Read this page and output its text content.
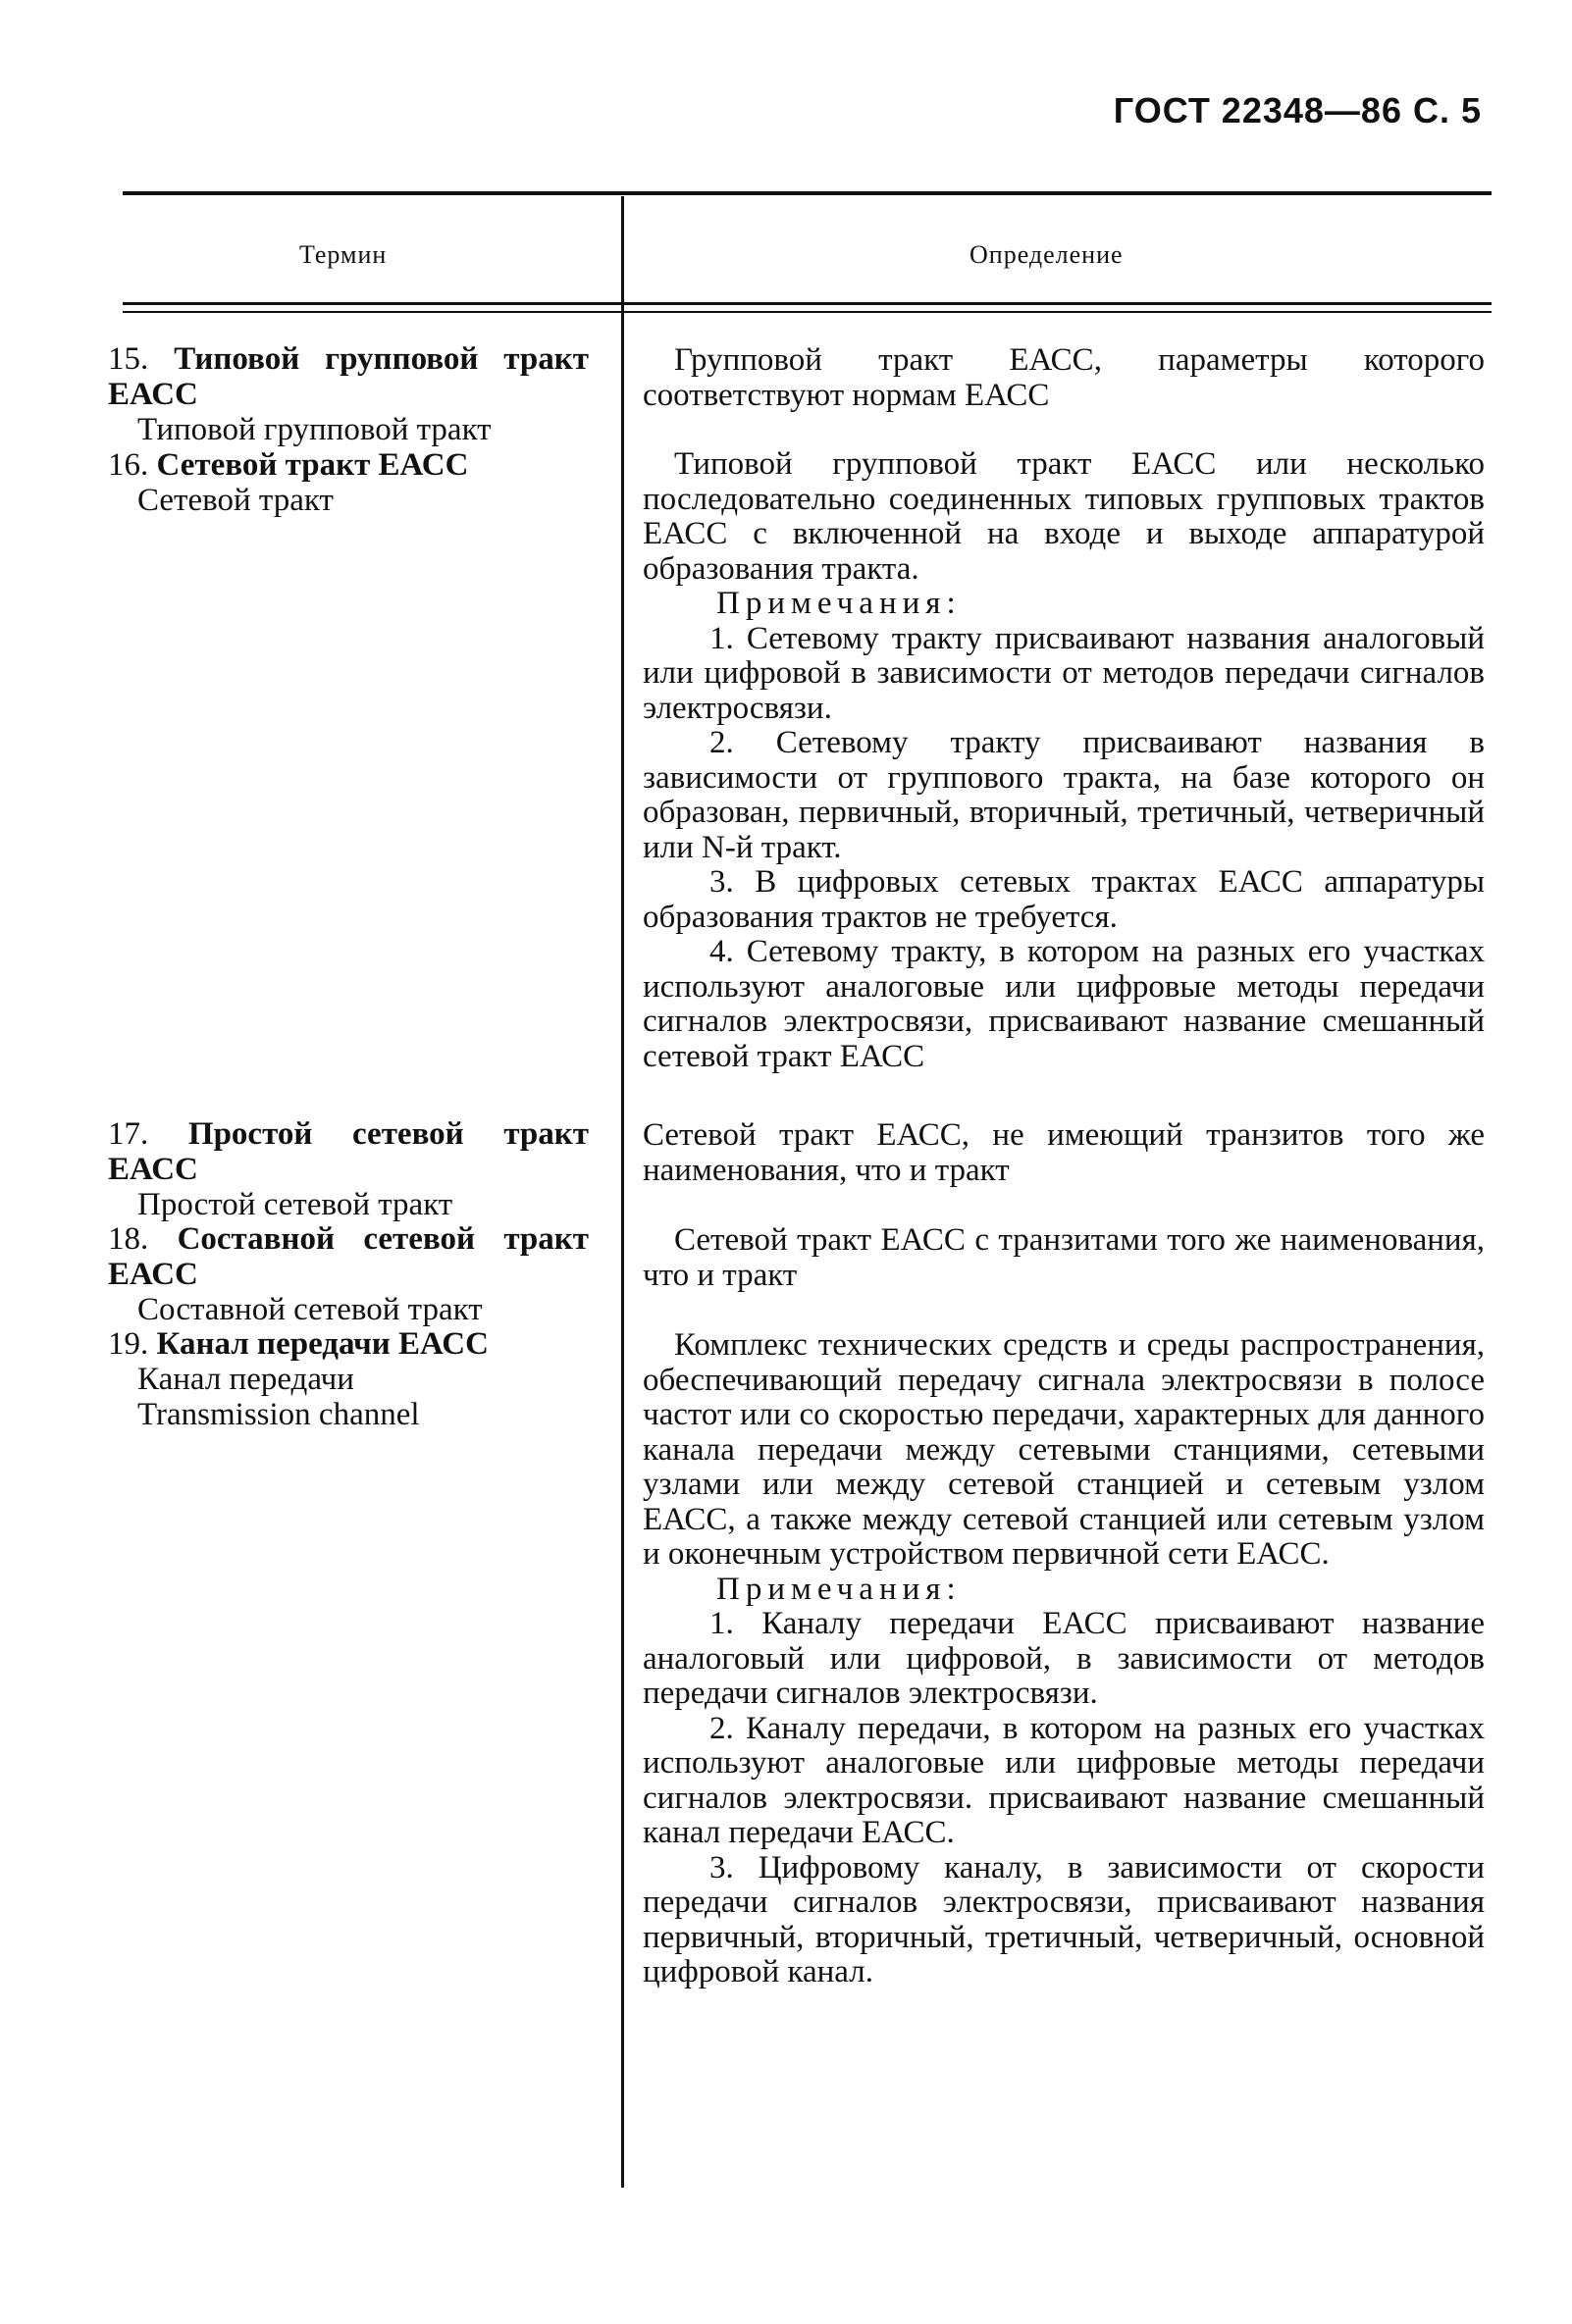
ГОСТ 22348—86 С. 5
Термин	Определение
15. Типовой групповой тракт ЕАСС
Типовой групповой тракт
16. Сетевой тракт ЕАСС
Сетевой тракт
17. Простой сетевой тракт ЕАСС
Простой сетевой тракт
18. Составной сетевой тракт ЕАСС
Составной сетевой тракт
19. Канал передачи ЕАСС
Канал передачи
Transmission channel
Групповой тракт ЕАСС, параметры которого соответствуют нормам ЕАСС
Типовой групповой тракт ЕАСС или несколько последовательно соединенных типовых групповых трактов ЕАСС с включенной на входе и выходе аппаратурой образования тракта.
Примечания:
1. Сетевому тракту присваивают названия аналоговый или цифровой в зависимости от методов передачи сигналов электросвязи.
2. Сетевому тракту присваивают названия в зависимости от группового тракта, на базе которого он образован, первичный, вторичный, третичный, четверичный или N-й тракт.
3. В цифровых сетевых трактах ЕАСС аппаратуры образования трактов не требуется.
4. Сетевому тракту, в котором на разных его участках используют аналоговые или цифровые методы передачи сигналов электросвязи, присваивают название смешанный сетевой тракт ЕАСС
Сетевой тракт ЕАСС, не имеющий транзитов того же наименования, что и тракт
Сетевой тракт ЕАСС с транзитами того же наименования, что и тракт
Комплекс технических средств и среды распространения, обеспечивающий передачу сигнала электросвязи в полосе частот или со скоростью передачи, характерных для данного канала передачи между сетевыми станциями, сетевыми узлами или между сетевой станцией и сетевым узлом ЕАСС, а также между сетевой станцией или сетевым узлом и оконечным устройством первичной сети ЕАСС.
Примечания:
1. Каналу передачи ЕАСС присваивают название аналоговый или цифровой, в зависимости от методов передачи сигналов электросвязи.
2. Каналу передачи, в котором на разных его участках используют аналоговые или цифровые методы передачи сигналов электросвязи. присваивают название смешанный канал передачи ЕАСС.
3. Цифровому каналу, в зависимости от скорости передачи сигналов электросвязи, присваивают названия первичный, вторичный, третичный, четверичный, основной цифровой канал.
